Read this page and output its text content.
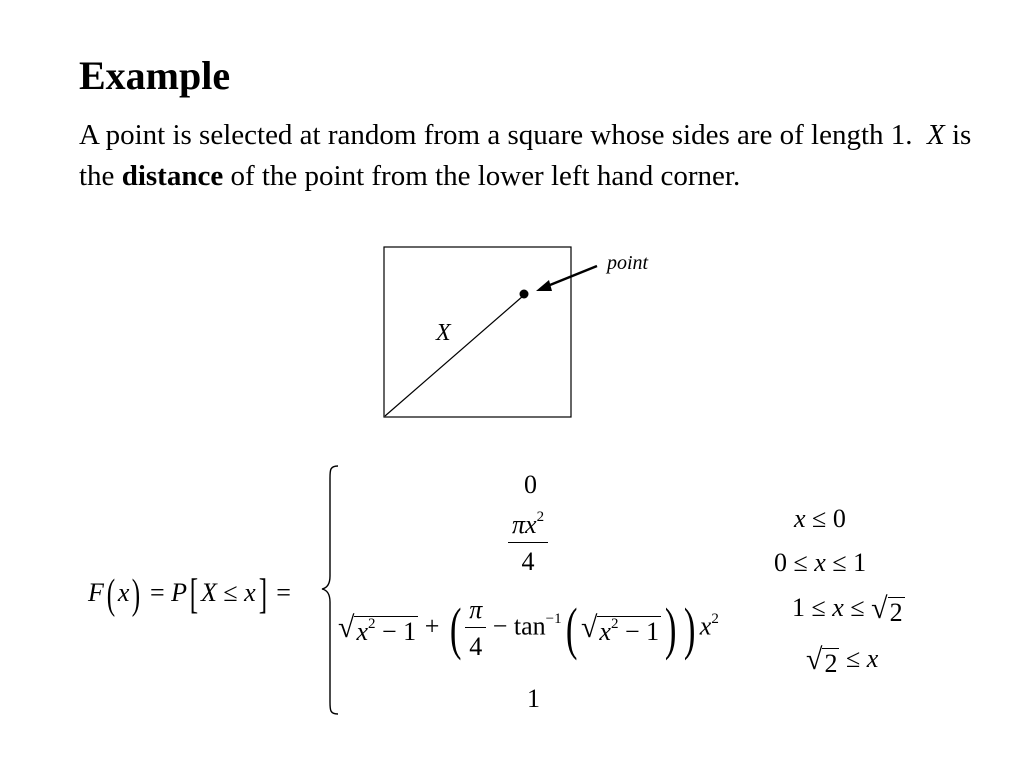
Example
A point is selected at random from a square whose sides are of length 1. X is the distance of the point from the lower left hand corner.
point
X
F( x) = P[ X ≤ x] =
0
$\frac{\pi x^2}{4}$
√ $x^2 - 1$ + ( $\frac{\pi}{4} - \tan^{-1}$( √ $x^2 - 1$ ) ) $x^2$
1
x ≤ 0
0 ≤ x ≤ 1
1 ≤ x ≤ √ 2
√ 2 ≤ x
